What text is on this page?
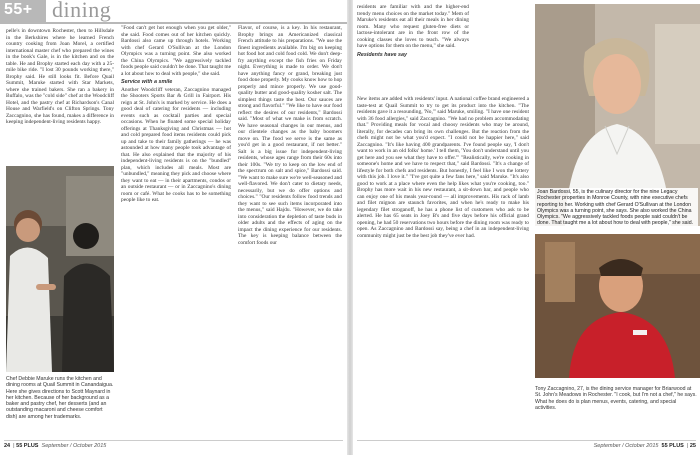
55+ dining

pelle's in downtown Rochester, then to Hillsdale in the Berkshires where he learned French country cooking from Joan Morel, a certified international master chef who prepared the wines in the book's Gale, is in the kitchen and on the table. He and Brophy started each day with a 25-mile bike ride. "I lost 30 pounds working there," Brophy said. He still looks fit. Before Quail Summit, Maruke started with Star Markets, where she trained bakers. She ran a bakery in Buffalo, was the "cold side" chef at the Woodcliff Hotel, and the pastry chef at Richardson's Canal House and Warfield's on Clifton Springs. Tony Zaccagnino, she has found, makes a difference in keeping independent-living residents happy.

Chef Debbie Maruke runs the kitchen and dining rooms at Quail Summit in Canandaigua. Here she gives directions to Scott Maynard in her kitchen. Because of her background as a baker and pastry chef, her desserts (and an outstanding macaroni and cheese comfort dish) are among her trademarks.

"Food can't get hot enough when you get older," she said. Food comes out of her kitchen quickly. Bardossi also came up through hotels. Working with chef Gerard O'Sullivan at the London Olympics was a turning point. She also worked the China Olympics. "We aggressively tackled foods people said couldn't be done. That taught me a lot about how to deal with people," she said.

Service with a smile

Another Woodcliff veteran, Zaccagnino managed the Shooters Sports Bar & Grill in Fairport. His reign at St. John's is marked by service. He does a good deal of catering for residents — including events such as cocktail parties and special occasions. When he floated some special holiday offerings at Thanksgiving and Christmas — hot and cold prepared food items residents could pick up and take to their family gatherings — he was astounded at how many people took advantage of that. He also explained that the majority of his independent-living residents is on the "bundled" plan, which includes all meals. Most are "unbundled," meaning they pick and choose where they want to eat — in their apartments, condos or an outside restaurant — or in Zaccagnino's dining room or café. What he cooks has to be something people like to eat.

Flavor, of course, is a key. In his restaurant, Brophy brings an Americanized classical French attitude to his preparations. "We use the finest ingredients available. I'm big on keeping hot food hot and cold food cold. We don't deep-fry anything except the fish fries on Friday night. Everything is made to order. We don't have anything fancy or grand, breaking just food done properly. My cooks know how to hop properly and mince properly. We use good-quality butter and good-quality kosher salt. The simplest things taste the best. Our sauces are strong and flavorful." "We like to have our food reflect the desires of our residents," Bardossi said. "Most of what we make is from scratch. We have seasonal changes in our menus, and our clientele changes as the baby boomers move on. The food we serve is the same as you'd get in a good restaurant, if not better." Salt is a big issue for independent-living residents, whose ages range from their 60s into their 100s. "We try to keep on the low end of the spectrum on salt and spice," Bardossi said. "We want to make sure we're well-seasoned and well-flavored. We don't cater to dietary needs, necessarily, but we do offer options and choices." "Our residents follow food trends and they want to see such items incorporated into the menus," said Hajdu. "However, we do take into consideration the depletion of taste buds in older adults and the effects of aging on the impact the dining experience for our residents. The key is keeping balance between the comfort foods our

24  | 55 PLUS September / October 2015

residents are familiar with and the higher-end trendy menu choices on the market today." Mem of Maruke's residents eat all their meals in her dining room. Many who request gluten-free diets or lactose-intolerant are in the front row of the cooking classes she loves to teach. "We always have options for them on the menu," she said.

Residents have say

New items are added with residents' input. A national coffee brand engineered a taste-test at Quail Summit to try to get its product into the kitchen. "The residents gave it a resounding, 'No,'" said Maruke, smiling. "I have one resident with 36 food allergies," said Zaccagnino. "We had no problem accommodating that." Providing meals for vocal and choosy residents who may be around, literally, for decades can bring its own challenges. But the reaction from the chefs might not be what you'd expect. "I could not be happier here," said Zaccagnino. "It's like having 400 grandparents. I've found people say, 'I don't want to work in an old folks' home.' I tell them, 'You don't understand until you get here and you see what they have to offer.'" "Realistically, we're cooking in someone's home and we have to respect that," said Bardossi. "It's a change of lifestyle for both chefs and residents. But honestly, I feel like I won the lottery with this job. I love it." "I've got quite a few fans here," said Maruke. "It's also good to work at a place where even the help likes what you're cooking, too." Brophy has more wait in his new restaurant, a sit-down bar, and people who can enjoy one of his meals year-round — all improvements. His rack of lamb and filet mignon are staunch favorites, and when he's ready to make his legendary filet stroganoff, he has a phone list of customers who ask to be alerted. He has 65 seats in Joey B's and five days before his official grand opening, he had 50 reservations two hours before the dining room was ready to open. As Zaccagnino and Bardossi say, being a chef in an independent-living community might just be the best job they've ever had.

Joan Bardossi, 55, is the culinary director for the nine Legacy Rochester properties in Monroe County, with nine executive chefs reporting to her. Working with chef Gerard O'Sullivan at the London Olympics was a turning point, she says. She also worked the China Olympics. "We aggressively tackled foods people said couldn't be done. That taught me a lot about how to deal with people," she said.
Tony Zaccagnino, 27, is the dining service manager for Briarwood at St. John's Meadows in Rochester. "I cook, but I'm not a chef," he says. What he does do is plan menus, events, catering, and special activities.
September / October 2015 55 PLUS  | 25
